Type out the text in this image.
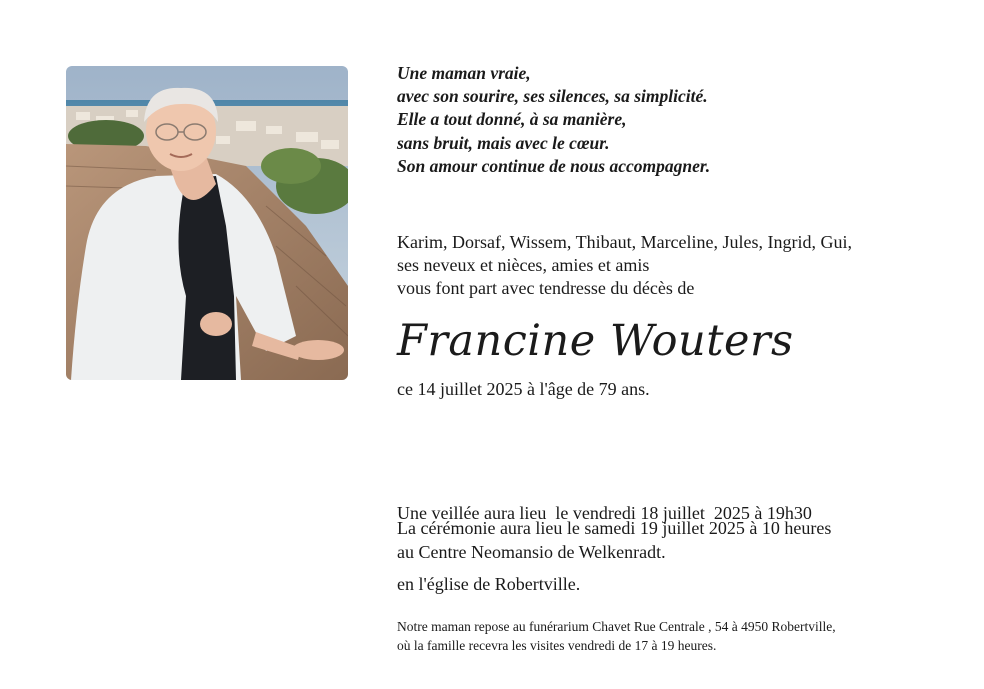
Une maman vraie,
avec son sourire, ses silences, sa simplicité.
Elle a tout donné, à sa manière,
sans bruit, mais avec le cœur.
Son amour continue de nous accompagner.
Karim, Dorsaf, Wissem, Thibaut, Marceline, Jules, Ingrid, Gui,
ses neveux et nièces, amies et amis
vous font part avec tendresse du décès de
Francine Wouters
ce 14 juillet 2025 à l'âge de 79 ans.

Une veillée aura lieu  le vendredi 18 juillet  2025 à 19h30

en l'église de Robertville.

La cérémonie aura lieu le samedi 19 juillet 2025 à 10 heures
au Centre Neomansio de Welkenradt.
Notre maman repose au funérarium Chavet Rue Centrale , 54 à 4950 Robertville,
où la famille recevra les visites vendredi de 17 à 19 heures.
